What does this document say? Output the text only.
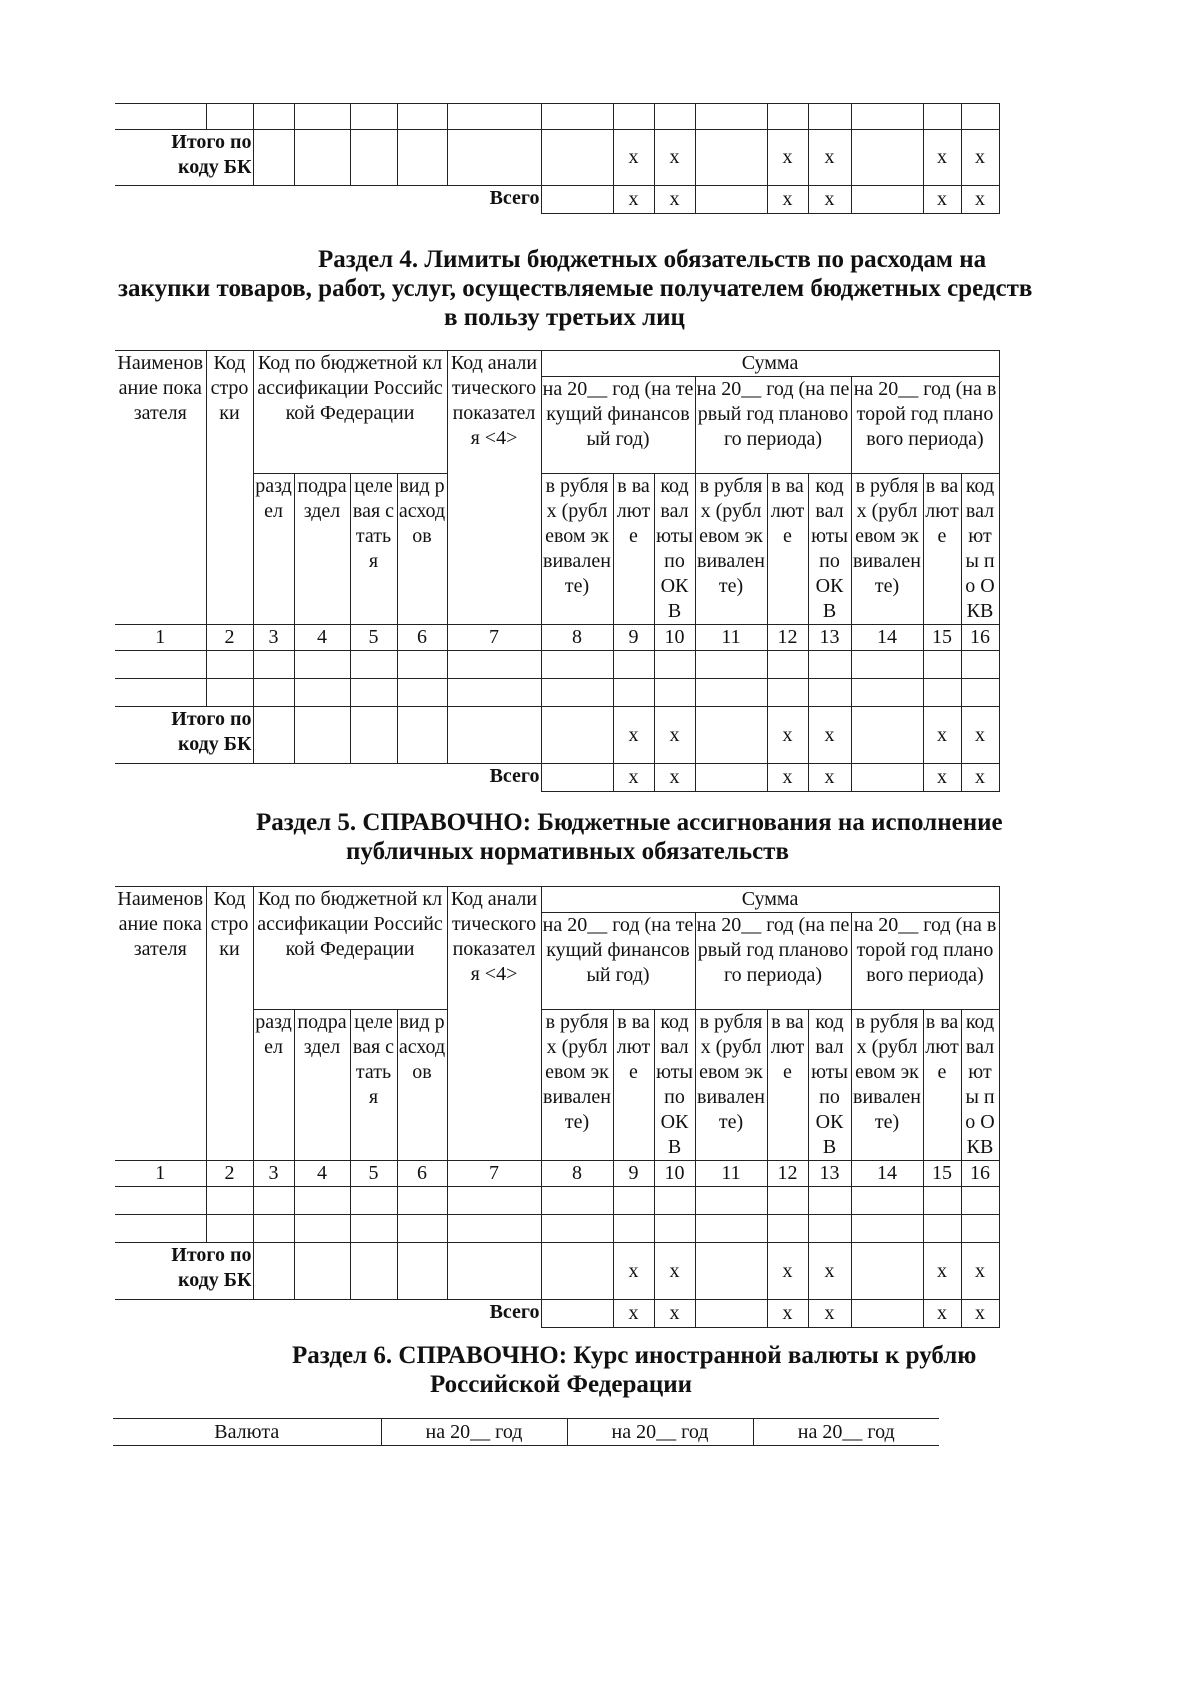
Итого по
коду БК								x	x		x	x		x	x
Всего								x	x		x	x		x	x
Раздел 4. Лимиты бюджетных обязательств по расходам на
закупки товаров, работ, услуг, осуществляемые получателем бюджетных средств
в пользу третьих лиц
Наименование показателя	Код строки	Код по бюджетной классификации Российской Федерации				Код аналитического показателя <4>	Сумма								
							на 20__ год (на текущий финансовый год)			на 20__ год (на первый год планового периода)			на 20__ год (на второй год планового периода)		
		раздел	подраздел	целевая статья	вид расходов		в рублях (рублевом эквиваленте)	в валюте	код валюты по ОКВ	в рублях (рублевом эквиваленте)	в валюте	код валюты по ОКВ	в рублях (рублевом эквиваленте)	в валюте	код валюты по ОКВ
1	2	3	4	5	6	7	8	9	10	11	12	13	14	15	16

Итого по
коду БК								x	x		x	x		x	x
Всего								x	x		x	x		x	x
Раздел 5. СПРАВОЧНО: Бюджетные ассигнования на исполнение
публичных нормативных обязательств
Наименование показателя	Код строки	Код по бюджетной классификации Российской Федерации				Код аналитического показателя <4>	Сумма								
							на 20__ год (на текущий финансовый год)			на 20__ год (на первый год планового периода)			на 20__ год (на второй год планового периода)		
		раздел	подраздел	целевая статья	вид расходов		в рублях (рублевом эквиваленте)	в валюте	код валюты по ОКВ	в рублях (рублевом эквиваленте)	в валюте	код валюты по ОКВ	в рублях (рублевом эквиваленте)	в валюте	код валюты по ОКВ
1	2	3	4	5	6	7	8	9	10	11	12	13	14	15	16

Итого по
коду БК								x	x		x	x		x	x
Всего								x	x		x	x		x	x
Раздел 6. СПРАВОЧНО: Курс иностранной валюты к рублю
Российской Федерации
Валюта	на 20__ год	на 20__ год	на 20__ год
